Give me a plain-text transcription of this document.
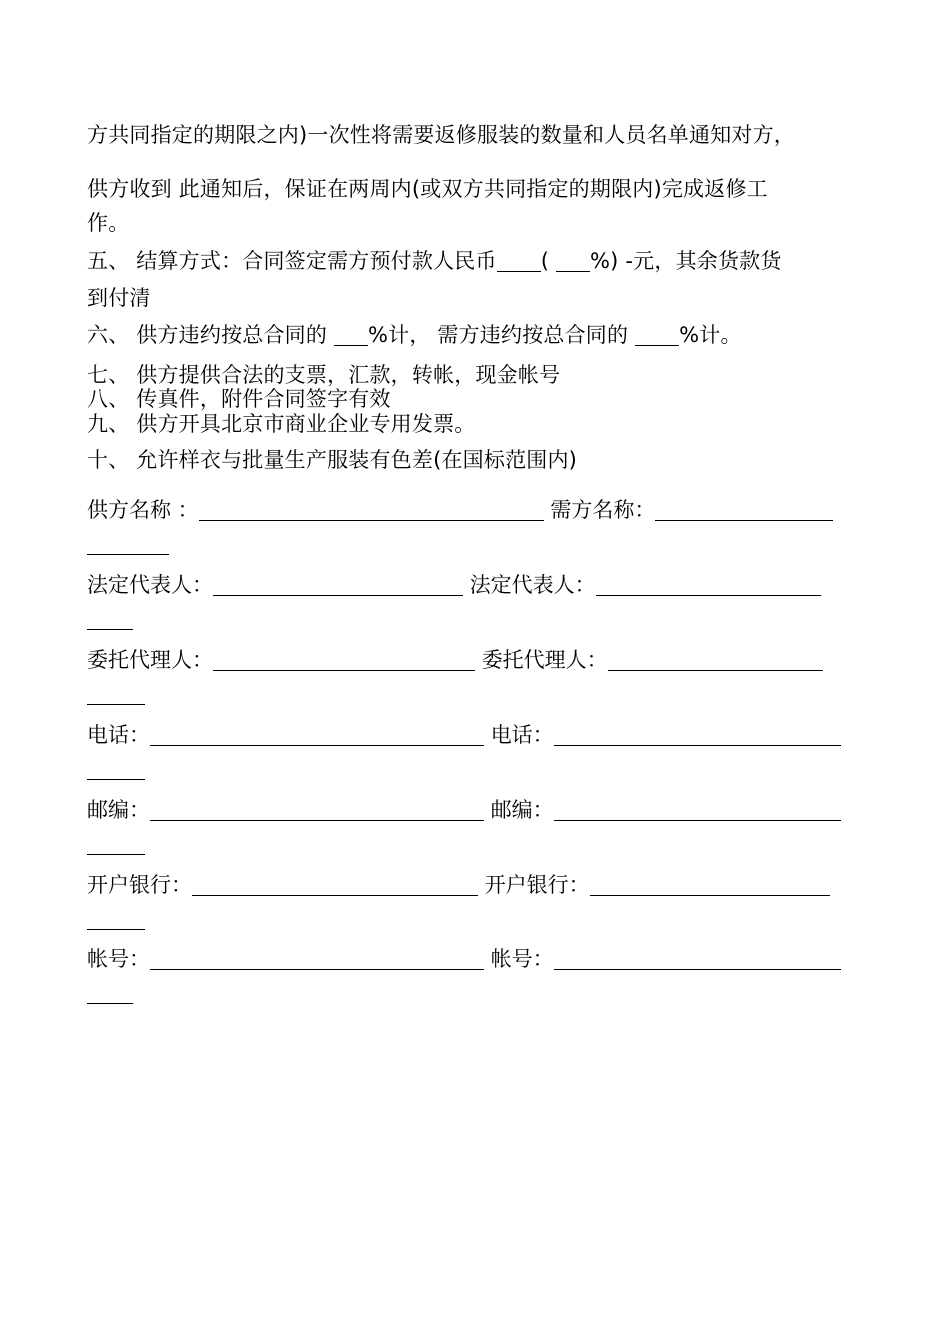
方共同指定的期限之内)一次性将需要返修服装的数量和人员名单通知对方，

供方收到 此通知后，保证在两周内(或双方共同指定的期限内)完成返修工

作。

五、 结算方式：合同签定需方预付款人民币 ( %) -元，其余货款货

到付清

六、 供方违约按总合同的 %计， 需方违约按总合同的 %计。

七、 供方提供合法的支票，汇款，转帐，现金帐号

八、 传真件，附件合同签字有效

九、 供方开具北京市商业企业专用发票。

十、 允许样衣与批量生产服装有色差(在国标范围内)

供方名称 ：	需方名称：
法定代表人：	法定代表人：
委托代理人：	委托代理人：
电话：	电话：
邮编：	邮编：
开户银行：	开户银行：
帐号：	帐号：
